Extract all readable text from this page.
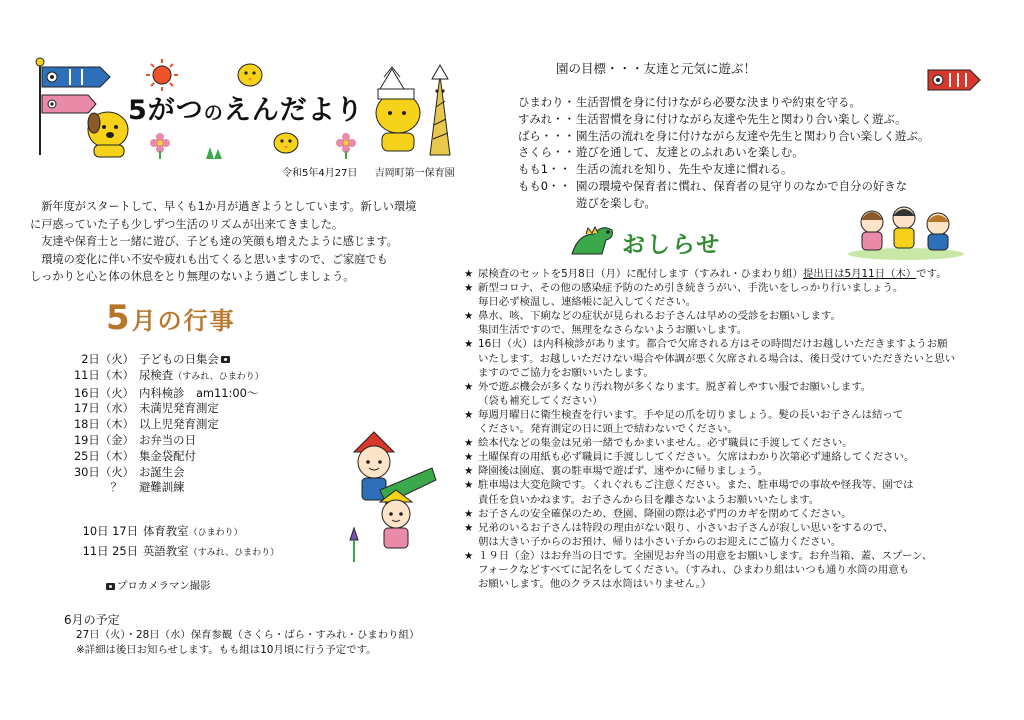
5がつのえんだより
令和5年4月27日 吉岡町第一保育園

新年度がスタートして、早くも1か月が過ぎようとしています。新しい環境

に戸惑っていた子も少しずつ生活のリズムが出来てきました。

友達や保育士と一緒に遊び、子ども達の笑顔も増えたように感じます。

環境の変化に伴い不安や疲れも出てくると思いますので、ご家庭でも

しっかりと心と体の休息をとり無理のないよう過ごしましょう。

園の目標・・・友達と元気に遊ぶ！
ひまわり・ 生活習慣を身に付けながら必要な決まりや約束を守る。
すみれ・・ 生活習慣を身に付けながら友達や先生と関わり合い楽しく遊ぶ。
ばら・・・ 園生活の流れを身に付けながら友達や先生と関わり合い楽しく遊ぶ。
さくら・・ 遊びを通して、友達とのふれあいを楽しむ。
もも1・・ 生活の流れを知り、先生や友達に慣れる。
もも0・・ 園の環境や保育者に慣れ、保育者の見守りのなかで自分の好きな
遊びを楽しむ。
5月の行事
2日（火） 子どもの日集会
11日（木） 尿検査（すみれ、ひまわり）
16日（火） 内科検診　am11:00～
17日（水） 未満児発育測定
18日（木） 以上児発育測定
19日（金） お弁当の日
25日（木） 集金袋配付
30日（火） お誕生会
？	避難訓練
10日 17日 体育教室（ひまわり）
11日 25日 英語教室（すみれ、ひまわり）
プロカメラマン撮影
6月の予定
27日（火）・28日（水）保育参観（さくら・ばら・すみれ・ひまわり組）
※詳細は後日お知らせします。もも組は10月頃に行う予定です。
おしらせ
★ 尿検査のセットを5月8日（月）に配付します（すみれ・ひまわり組）提出日は5月11日（木）です。

★ 新型コロナ、その他の感染症予防のため引き続きうがい、手洗いをしっかり行いましょう。

毎日必ず検温し、連絡帳に記入してください。

★ 鼻水、咳、下痢などの症状が見られるお子さんは早めの受診をお願いします。

集団生活ですので、無理をなさらないようお願いします。

★ 16日（火）は内科検診があります。都合で欠席される方はその時間だけお越しいただきますようお願

いたします。お越しいただけない場合や体調が悪く欠席される場合は、後日受けていただきたいと思い

ますのでご協力をお願いいたします。

★ 外で遊ぶ機会が多くなり汚れ物が多くなります。脱ぎ着しやすい服でお願いします。

（袋も補充してください）

★ 毎週月曜日に衛生検査を行います。手や足の爪を切りましょう。髪の長いお子さんは結って

ください。発育測定の日に頭上で結わないでください。

★ 絵本代などの集金は兄弟一緒でもかまいません。必ず職員に手渡してください。

★ 土曜保育の用紙も必ず職員に手渡ししてください。欠席はわかり次第必ず連絡してください。

★ 降園後は園庭、裏の駐車場で遊ばず、速やかに帰りましょう。

★ 駐車場は大変危険です。くれぐれもご注意ください。また、駐車場での事故や怪我等、園では

責任を負いかねます。お子さんから目を離さないようお願いいたします。

★ お子さんの安全確保のため、登園、降園の際は必ず門のカギを閉めてください。

★ 兄弟のいるお子さんは特段の理由がない限り、小さいお子さんが寂しい思いをするので、

朝は大きい子からのお預け、帰りは小さい子からのお迎えにご協力ください。

★ １９日（金）はお弁当の日です。全園児お弁当の用意をお願いします。お弁当箱、蓋、スプーン、

フォークなどすべてに記名をしてください。（すみれ、ひまわり組はいつも通り水筒の用意も

お願いします。他のクラスは水筒はいりません。）
